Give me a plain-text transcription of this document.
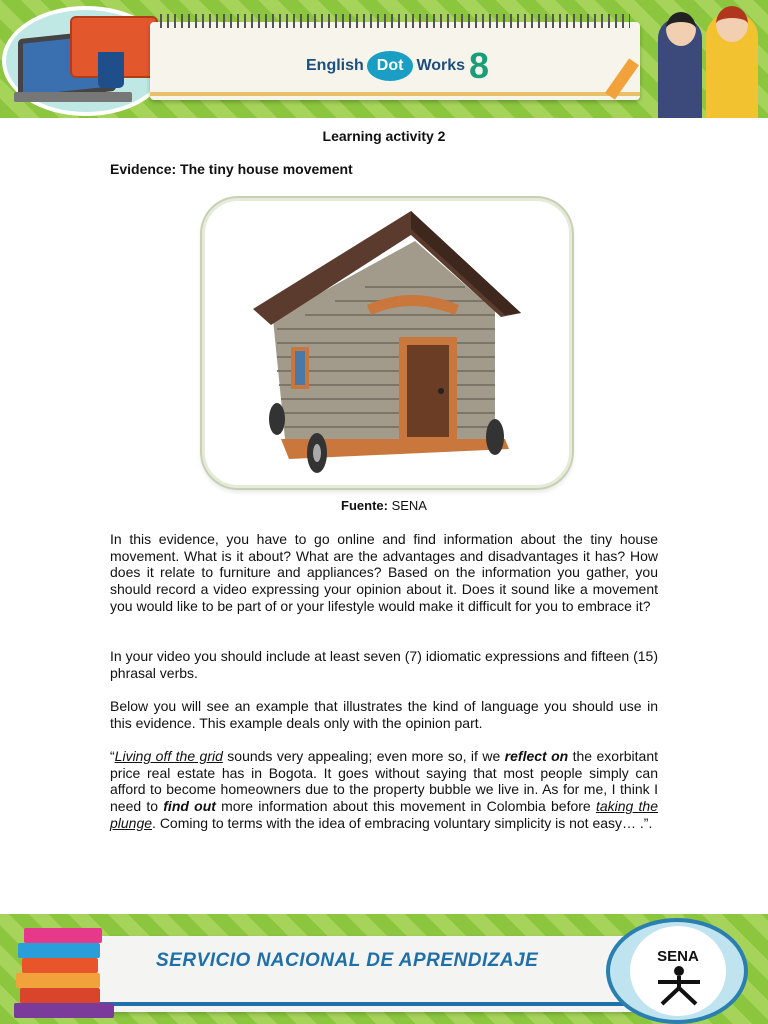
English Dot Works 8
Learning activity 2
Evidence: The tiny house movement
Fuente: SENA

In this evidence, you have to go online and find information about the tiny house movement. What is it about? What are the advantages and disadvantages it has? How does it relate to furniture and appliances? Based on the information you gather, you should record a video expressing your opinion about it. Does it sound like a movement you would like to be part of or your lifestyle would make it difficult for you to embrace it?

In your video you should include at least seven (7) idiomatic expressions and fifteen (15) phrasal verbs.

Below you will see an example that illustrates the kind of language you should use in this evidence. This example deals only with the opinion part.

“Living off the grid sounds very appealing; even more so, if we reflect on the exorbitant price real estate has in Bogota. It goes without saying that most people simply can afford to become homeowners due to the property bubble we live in. As for me, I think I need to find out more information about this movement in Colombia before taking the plunge. Coming to terms with the idea of embracing voluntary simplicity is not easy… .”.

SERVICIO NACIONAL DE APRENDIZAJE	SENA
